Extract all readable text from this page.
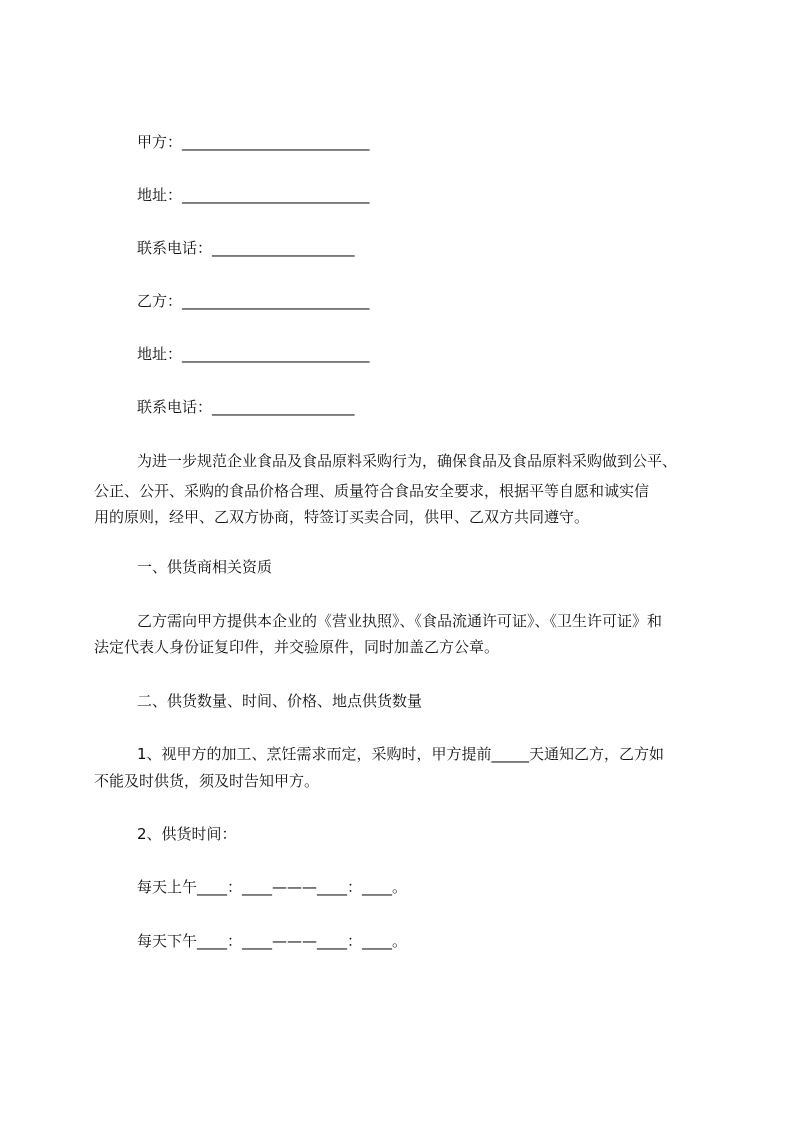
甲方：_________________________
地址：_________________________
联系电话：___________________
乙方：_________________________
地址：_________________________
联系电话：___________________
为进一步规范企业食品及食品原料采购行为，确保食品及食品原料采购做到公平、
公正、公开、采购的食品价格合理、质量符合食品安全要求，根据平等自愿和诚实信
用的原则，经甲、乙双方协商，特签订买卖合同，供甲、乙双方共同遵守。
一、供货商相关资质
乙方需向甲方提供本企业的《营业执照》、《食品流通许可证》、《卫生许可证》和
法定代表人身份证复印件，并交验原件，同时加盖乙方公章。
二、供货数量、时间、价格、地点供货数量
1、视甲方的加工、烹饪需求而定，采购时，甲方提前_____天通知乙方，乙方如
不能及时供货，须及时告知甲方。
2、供货时间：
每天上午____：____———____：____。
每天下午____：____———____：____。
